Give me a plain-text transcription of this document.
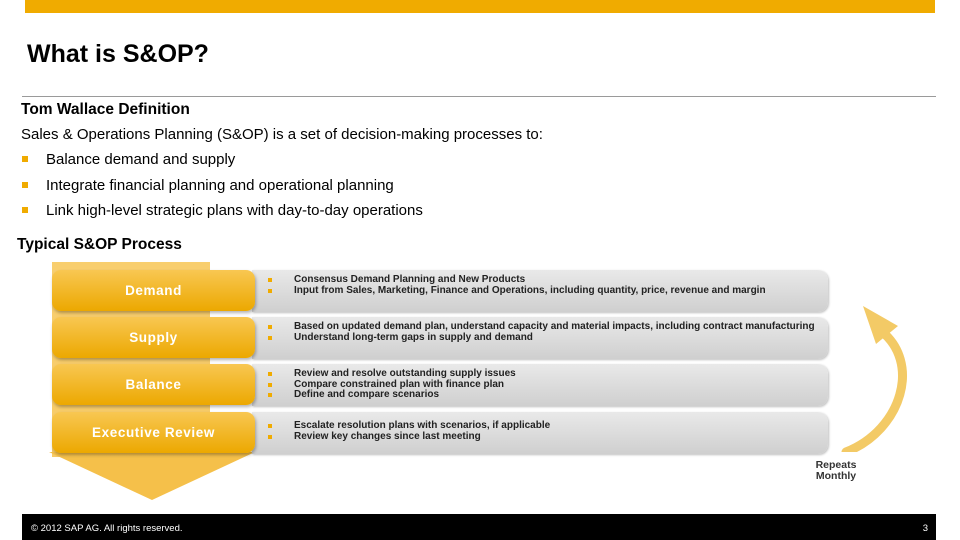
What is S&OP?
Tom Wallace Definition
Sales & Operations Planning (S&OP) is a set of decision-making processes to:
Balance demand and supply
Integrate financial planning and operational planning
Link high-level strategic plans with day-to-day operations
Typical S&OP Process
Consensus Demand Planning and New Products
Input from Sales, Marketing, Finance and Operations, including quantity, price, revenue and margin
Based on updated demand plan, understand capacity and material impacts, including contract manufacturing
Understand long-term gaps in supply and demand
Review and resolve outstanding supply issues
Compare constrained plan with finance plan
Define and compare scenarios
Escalate resolution plans with scenarios, if applicable
Review key changes since last meeting
Demand
Supply
Balance
Executive Review
Repeats
Monthly
© 2012 SAP AG. All rights reserved.	3
